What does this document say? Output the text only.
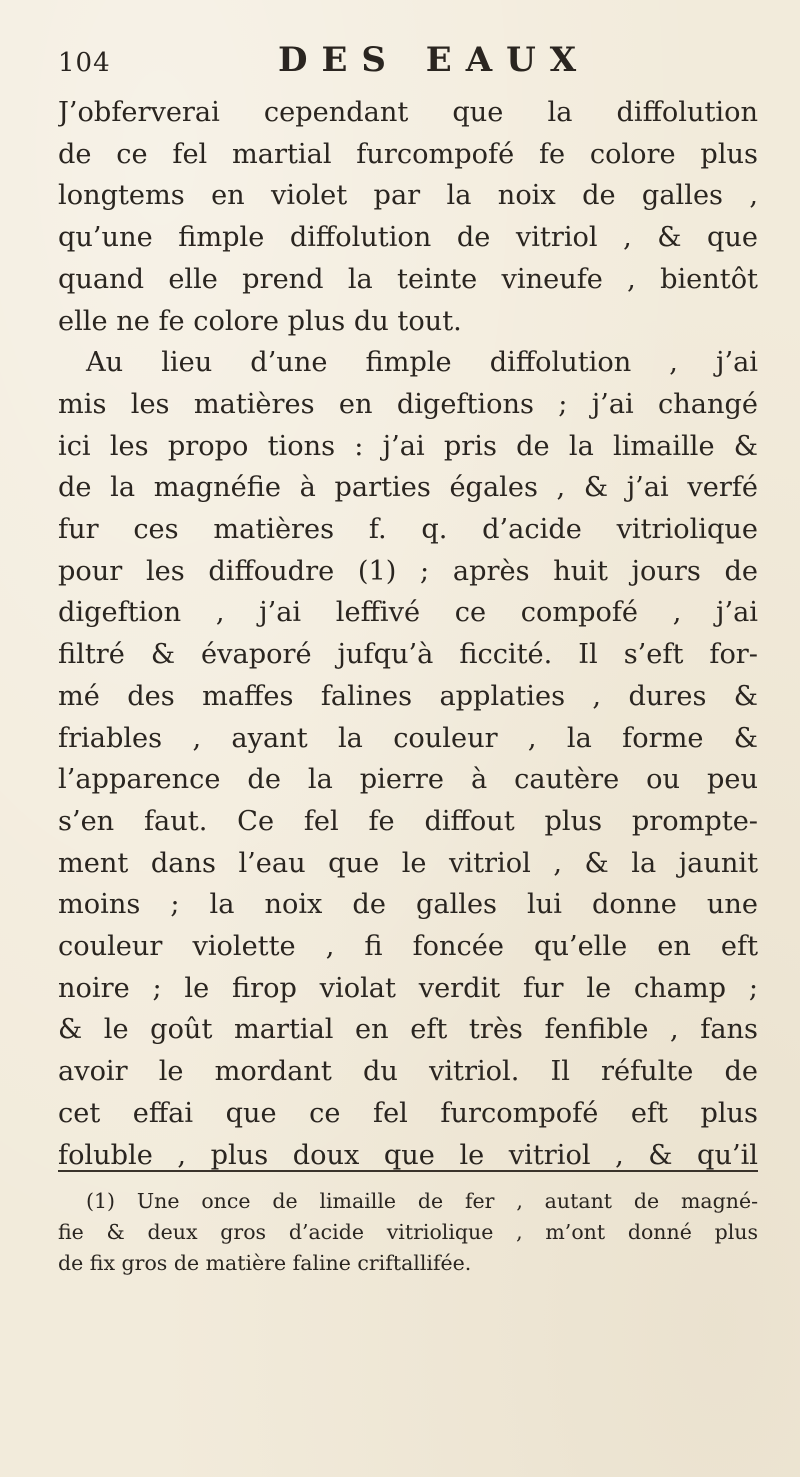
104	DES EAUX
J’obferverai cependant que la diffolution
de ce fel martial furcompofé fe colore plus
longtems en violet par la noix de galles ,
qu’une fimple diffolution de vitriol , & que
quand elle prend la teinte vineufe , bientôt
elle ne fe colore plus du tout.
Au lieu d’une fimple diffolution , j’ai
mis les matières en digeftions ; j’ai changé
ici les propo tions : j’ai pris de la limaille &
de la magnéfie à parties égales , & j’ai verfé
fur ces matières f. q. d’acide vitriolique
pour les diffoudre (1) ; après huit jours de
digeftion , j’ai leffivé ce compofé , j’ai
filtré & évaporé jufqu’à ficcité. Il s’eft for-
mé des maffes falines applaties , dures &
friables , ayant la couleur , la forme &
l’apparence de la pierre à cautère ou peu
s’en faut. Ce fel fe diffout plus prompte-
ment dans l’eau que le vitriol , & la jaunit
moins ; la noix de galles lui donne une
couleur violette , fi foncée qu’elle en eft
noire ; le firop violat verdit fur le champ ;
& le goût martial en eft très fenfible , fans
avoir le mordant du vitriol. Il réfulte de
cet effai que ce fel furcompofé eft plus
foluble , plus doux que le vitriol , & qu’il
(1) Une once de limaille de fer , autant de magné-
fie & deux gros d’acide vitriolique , m’ont donné plus
de fix gros de matière faline criftallifée.
